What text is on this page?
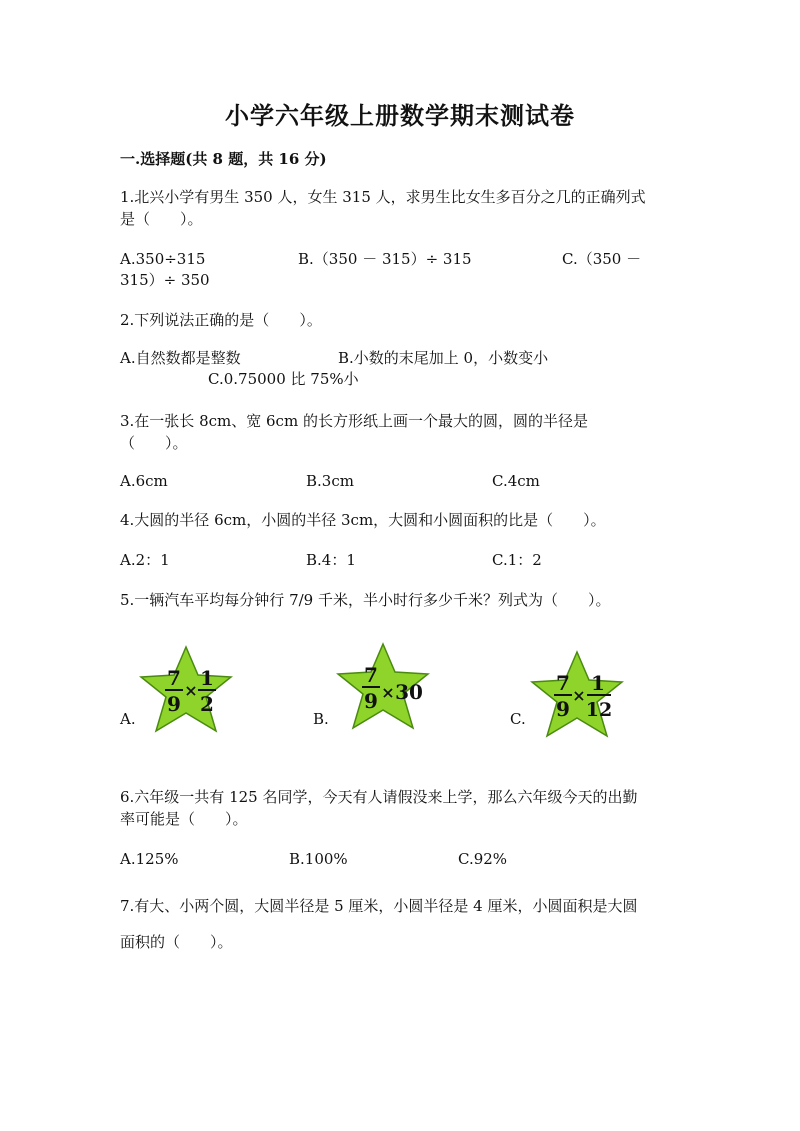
小学六年级上册数学期末测试卷
一.选择题(共 8 题，共 16 分)
1.北兴小学有男生 350 人，女生 315 人，求男生比女生多百分之几的正确列式
是（　　）。
A.350÷315	B.（350 － 315）÷ 315	C.（350 －
315）÷ 350
2.下列说法正确的是（　　）。
A.自然数都是整数	B.小数的末尾加上 0，小数变小
C.0.75000 比 75%小
3.在一张长 8cm、宽 6cm 的长方形纸上画一个最大的圆，圆的半径是
（　　）。
A.6cm	B.3cm	C.4cm
4.大圆的半径 6cm，小圆的半径 3cm，大圆和小圆面积的比是（　　）。
A.2：1	B.4：1	C.1：2
5.一辆汽车平均每分钟行 7/9 千米，半小时行多少千米？列式为（　　）。
A.	B.	C.
7
9
×
1
2
7
9 × 30	7
9
×
1
12
6.六年级一共有 125 名同学，今天有人请假没来上学，那么六年级今天的出勤
率可能是（　　）。
A.125%	B.100%	C.92%
7.有大、小两个圆，大圆半径是 5 厘米，小圆半径是 4 厘米，小圆面积是大圆
面积的（　　）。
